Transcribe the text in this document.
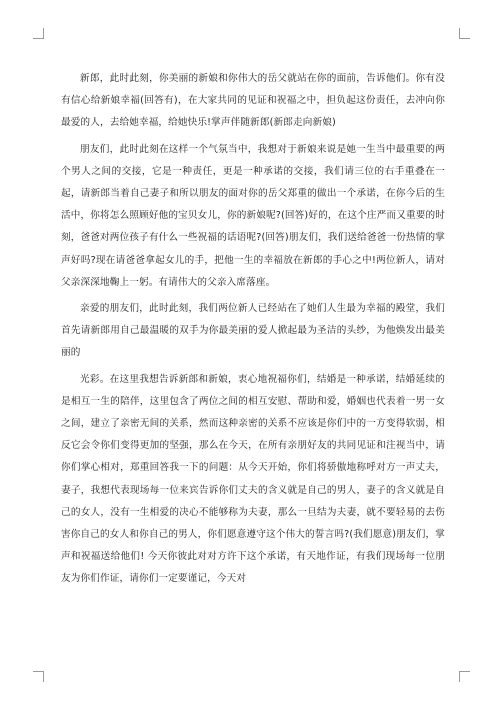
新郎，此时此刻，你美丽的新娘和你伟大的岳父就站在你的面前，告诉他们。你有没有信心给新娘幸福(回答有)，在大家共同的见证和祝福之中，担负起这份责任，去冲向你最爱的人，去给她幸福，给她快乐!掌声伴随新郎(新郎走向新娘)

朋友们，此时此刻在这样一个气氛当中，我想对于新娘来说是她一生当中最重要的两个男人之间的交接，它是一种责任，更是一种承诺的交接，我们请三位的右手重叠在一起，请新郎当着自己妻子和所以朋友的面对你的岳父郑重的做出一个承诺，在你今后的生活中，你将怎么照顾好他的宝贝女儿，你的新娘呢?(回答)好的，在这个庄严而又重要的时刻，爸爸对两位孩子有什么一些祝福的话语呢?(回答)朋友们，我们送给爸爸一份热情的掌声好吗?现在请爸爸拿起女儿的手，把他一生的幸福放在新郎的手心之中!两位新人，请对父亲深深地鞠上一躬。有请伟大的父亲入席落座。

亲爱的朋友们，此时此刻，我们两位新人已经站在了她们人生最为幸福的殿堂，我们首先请新郎用自己最温暖的双手为你最美丽的爱人掀起最为圣洁的头纱，为他焕发出最美丽的

光彩。在这里我想告诉新郎和新娘，衷心地祝福你们，结婚是一种承诺，结婚延续的是相互一生的陪伴，这里包含了两位之间的相互安慰、帮助和爱，婚姻也代表着一男一女之间，建立了亲密无间的关系，然而这种亲密的关系不应该是你们中的一方变得软弱，相反它会令你们变得更加的坚强，那么在今天，在所有亲朋好友的共同见证和注视当中，请你们掌心相对，郑重回答我一下的问题：从今天开始，你们将骄傲地称呼对方一声丈夫，妻子，我想代表现场每一位来宾告诉你们丈夫的含义就是自己的男人，妻子的含义就是自己的女人，没有一生相爱的决心不能够称为夫妻，那么一旦结为夫妻，就不要轻易的去伤害你自己的女人和你自己的男人，你们愿意遵守这个伟大的誓言吗?(我们愿意)朋友们，掌声和祝福送给他们! 今天你彼此对对方许下这个承诺，有天地作证，有我们现场每一位朋友为你们作证，请你们一定要谨记，今天对
